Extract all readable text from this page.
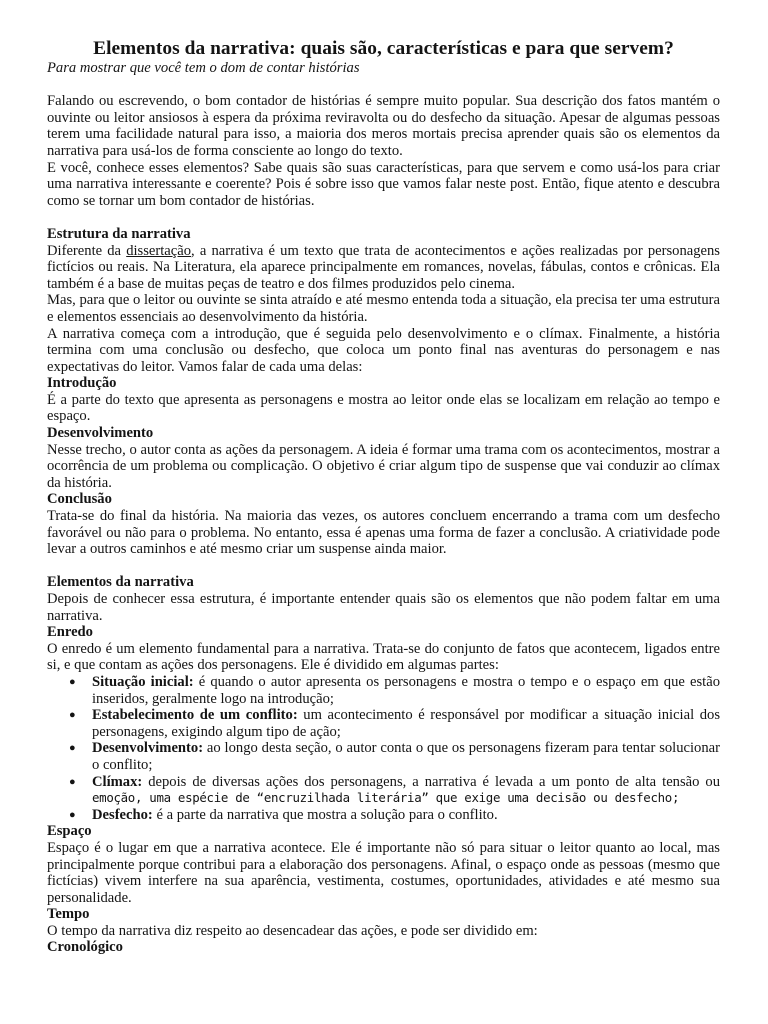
Elementos da narrativa: quais são, características e para que servem?

Para mostrar que você tem o dom de contar histórias

Falando ou escrevendo, o bom contador de histórias é sempre muito popular. Sua descrição dos fatos mantém o ouvinte ou leitor ansiosos à espera da próxima reviravolta ou do desfecho da situação. Apesar de algumas pessoas terem uma facilidade natural para isso, a maioria dos meros mortais precisa aprender quais são os elementos da narrativa para usá-los de forma consciente ao longo do texto.

E você, conhece esses elementos? Sabe quais são suas características, para que servem e como usá-los para criar uma narrativa interessante e coerente? Pois é sobre isso que vamos falar neste post. Então, fique atento e descubra como se tornar um bom contador de histórias.

Estrutura da narrativa

Diferente da dissertação, a narrativa é um texto que trata de acontecimentos e ações realizadas por personagens fictícios ou reais. Na Literatura, ela aparece principalmente em romances, novelas, fábulas, contos e crônicas. Ela também é a base de muitas peças de teatro e dos filmes produzidos pelo cinema.

Mas, para que o leitor ou ouvinte se sinta atraído e até mesmo entenda toda a situação, ela precisa ter uma estrutura e elementos essenciais ao desenvolvimento da história.

A narrativa começa com a introdução, que é seguida pelo desenvolvimento e o clímax. Finalmente, a história termina com uma conclusão ou desfecho, que coloca um ponto final nas aventuras do personagem e nas expectativas do leitor. Vamos falar de cada uma delas:

Introdução

É a parte do texto que apresenta as personagens e mostra ao leitor onde elas se localizam em relação ao tempo e espaço.

Desenvolvimento

Nesse trecho, o autor conta as ações da personagem. A ideia é formar uma trama com os acontecimentos, mostrar a ocorrência de um problema ou complicação. O objetivo é criar algum tipo de suspense que vai conduzir ao clímax da história.

Conclusão

Trata-se do final da história. Na maioria das vezes, os autores concluem encerrando a trama com um desfecho favorável ou não para o problema. No entanto, essa é apenas uma forma de fazer a conclusão. A criatividade pode levar a outros caminhos e até mesmo criar um suspense ainda maior.

Elementos da narrativa

Depois de conhecer essa estrutura, é importante entender quais são os elementos que não podem faltar em uma narrativa.

Enredo

O enredo é um elemento fundamental para a narrativa. Trata-se do conjunto de fatos que acontecem, ligados entre si, e que contam as ações dos personagens. Ele é dividido em algumas partes:

● Situação inicial: é quando o autor apresenta os personagens e mostra o tempo e o espaço em que estão inseridos, geralmente logo na introdução;
● Estabelecimento de um conflito: um acontecimento é responsável por modificar a situação inicial dos personagens, exigindo algum tipo de ação;
● Desenvolvimento: ao longo desta seção, o autor conta o que os personagens fizeram para tentar solucionar o conflito;
● Clímax: depois de diversas ações dos personagens, a narrativa é levada a um ponto de alta tensão ou emoção, uma espécie de “encruzilhada literária” que exige uma decisão ou desfecho;
● Desfecho: é a parte da narrativa que mostra a solução para o conflito.

Espaço

Espaço é o lugar em que a narrativa acontece. Ele é importante não só para situar o leitor quanto ao local, mas principalmente porque contribui para a elaboração dos personagens. Afinal, o espaço onde as pessoas (mesmo que fictícias) vivem interfere na sua aparência, vestimenta, costumes, oportunidades, atividades e até mesmo sua personalidade.

Tempo

O tempo da narrativa diz respeito ao desencadear das ações, e pode ser dividido em:

Cronológico
